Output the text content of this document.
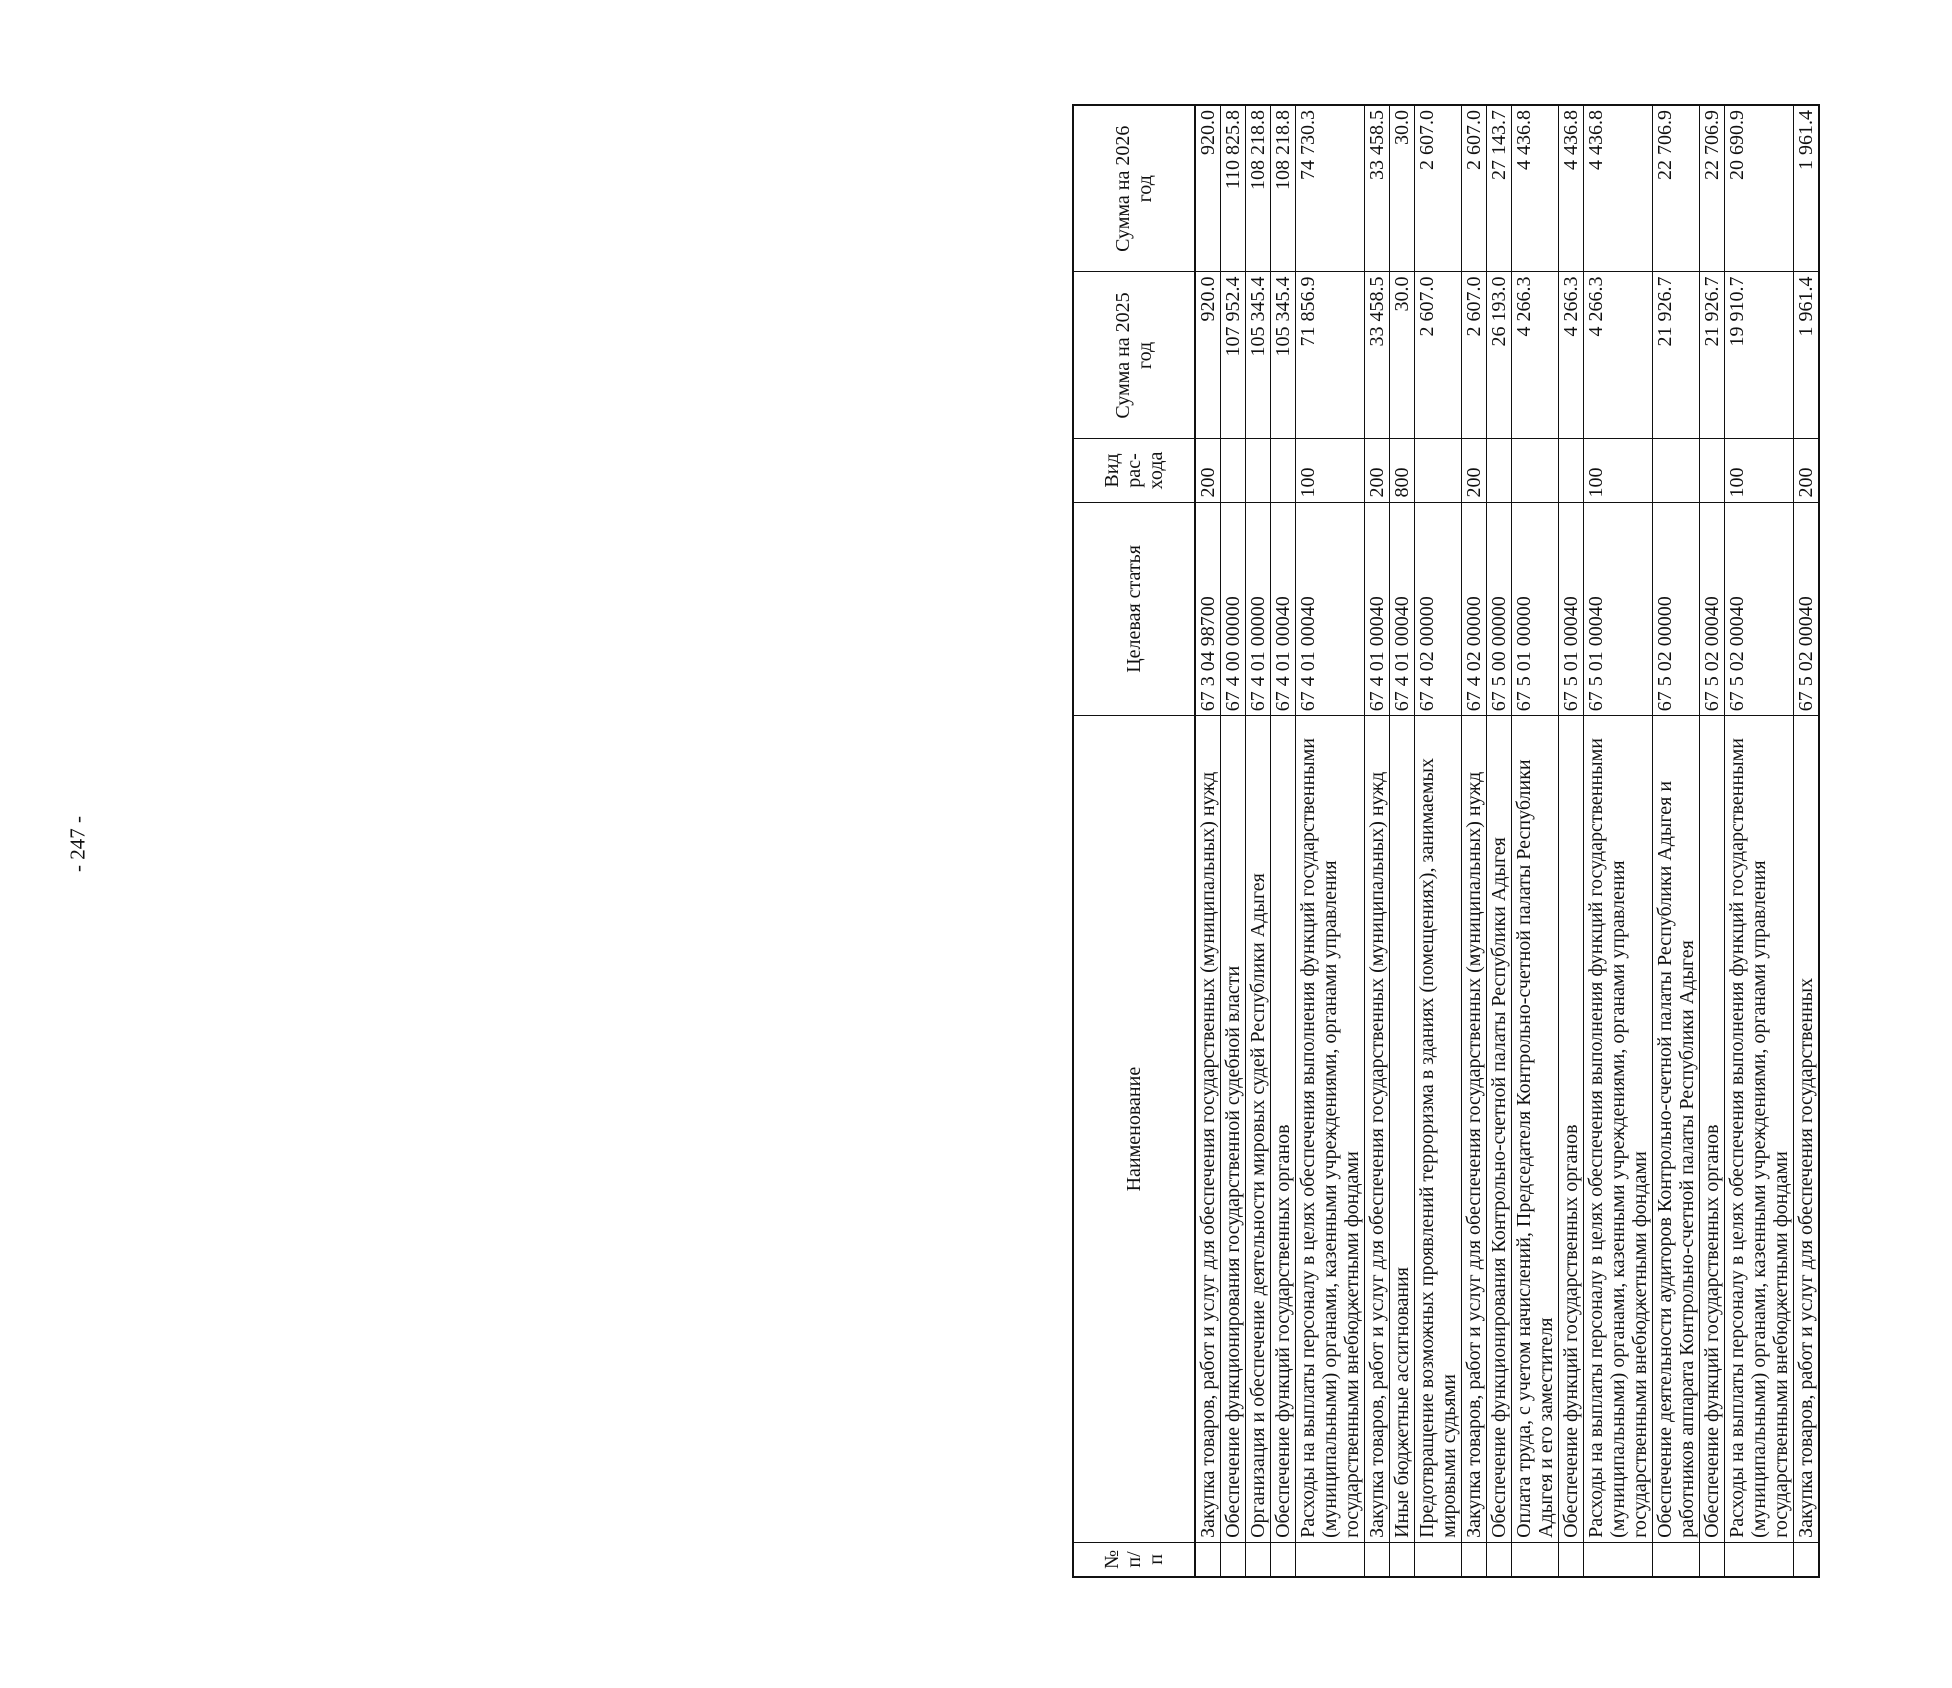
- 247 -
№ п/п	Наименование	Целевая статья	Вид рас-хода	Сумма на 2025 год	Сумма на 2026 год
	Закупка товаров, работ и услуг для обеспечения государственных (муниципальных) нужд	67 3 04 98700	200	920.0	920.0
	Обеспечение функционирования государственной судебной власти	67 4 00 00000		107 952.4	110 825.8
	Организация и обеспечение деятельности мировых судей Республики Адыгея	67 4 01 00000		105 345.4	108 218.8
	Обеспечение функций государственных органов	67 4 01 00040		105 345.4	108 218.8
	Расходы на выплаты персоналу в целях обеспечения выполнения функций государственными (муниципальными) органами, казенными учреждениями, органами управления государственными внебюджетными фондами	67 4 01 00040	100	71 856.9	74 730.3
	Закупка товаров, работ и услуг для обеспечения государственных (муниципальных) нужд	67 4 01 00040	200	33 458.5	33 458.5
	Иные бюджетные ассигнования	67 4 01 00040	800	30.0	30.0
	Предотвращение возможных проявлений терроризма в зданиях (помещениях), занимаемых мировыми судьями	67 4 02 00000		2 607.0	2 607.0
	Закупка товаров, работ и услуг для обеспечения государственных (муниципальных) нужд	67 4 02 00000	200	2 607.0	2 607.0
	Обеспечение функционирования Контрольно-счетной палаты Республики Адыгея	67 5 00 00000		26 193.0	27 143.7
	Оплата труда, с учетом начислений, Председателя Контрольно-счетной палаты Республики Адыгея и его заместителя	67 5 01 00000		4 266.3	4 436.8
	Обеспечение функций государственных органов	67 5 01 00040		4 266.3	4 436.8
	Расходы на выплаты персоналу в целях обеспечения выполнения функций государственными (муниципальными) органами, казенными учреждениями, органами управления государственными внебюджетными фондами	67 5 01 00040	100	4 266.3	4 436.8
	Обеспечение деятельности аудиторов Контрольно-счетной палаты Республики Адыгея и работников аппарата Контрольно-счетной палаты Республики Адыгея	67 5 02 00000		21 926.7	22 706.9
	Обеспечение функций государственных органов	67 5 02 00040		21 926.7	22 706.9
	Расходы на выплаты персоналу в целях обеспечения выполнения функций государственными (муниципальными) органами, казенными учреждениями, органами управления государственными внебюджетными фондами	67 5 02 00040	100	19 910.7	20 690.9
	Закупка товаров, работ и услуг для обеспечения государственных	67 5 02 00040	200	1 961.4	1 961.4
